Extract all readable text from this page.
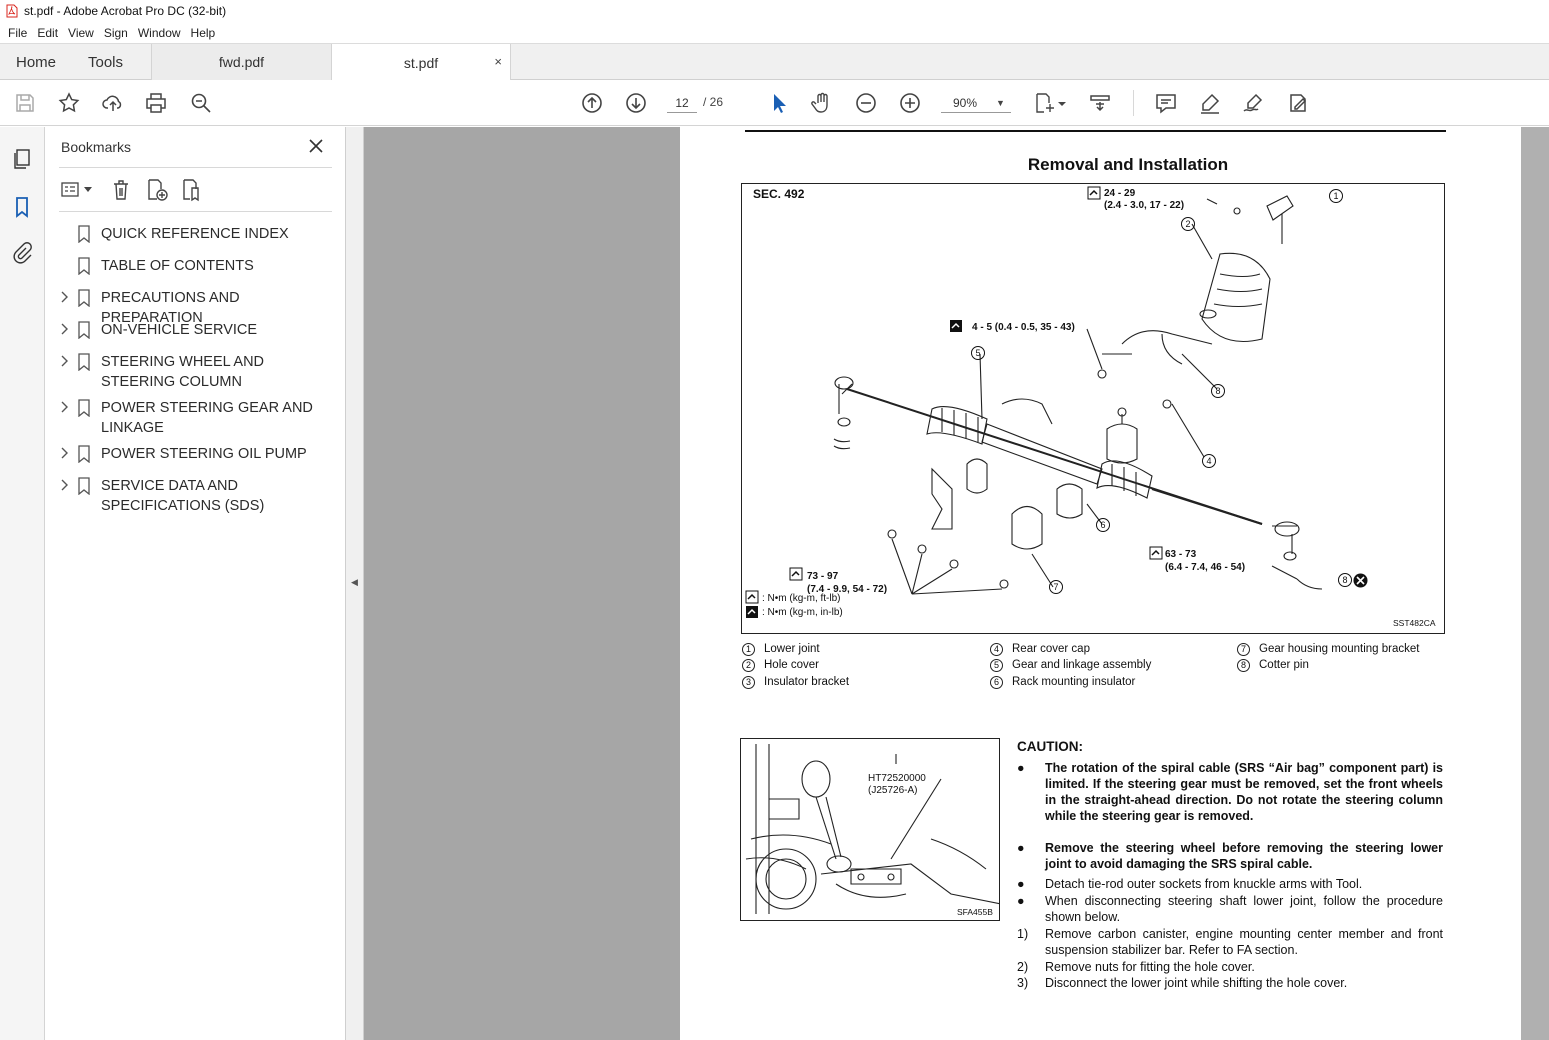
st.pdf - Adobe Acrobat Pro DC (32-bit)
File Edit View Sign Window Help
Home Tools	fwd.pdf	st.pdf	×
12
/ 26
90%	▼
Bookmarks
QUICK REFERENCE INDEX
TABLE OF CONTENTS
PRECAUTIONS AND PREPARATION
ON-VEHICLE SERVICE
STEERING WHEEL AND STEERING COLUMN
POWER STEERING GEAR AND LINKAGE
POWER STEERING OIL PUMP
SERVICE DATA AND SPECIFICATIONS (SDS)
◀
Removal and Installation
SEC. 492	24 - 29
(2.4 - 3.0, 17 - 22)
4 - 5 (0.4 - 0.5, 35 - 43)
63 - 73
(6.4 - 7.4, 46 - 54)
73 - 97
(7.4 - 9.9, 54 - 72)
: N•m (kg-m, ft-lb)
: N•m (kg-m, in-lb)
SST482CA
1
2
4
5
6
7
8
8
1 Lower joint
2 Hole cover
3 Insulator bracket
4 Rear cover cap
5 Gear and linkage assembly
6 Rack mounting insulator
7 Gear housing mounting bracket
8 Cotter pin
HT72520000
(J25726-A)
SFA455B
CAUTION:
●	The rotation of the spiral cable (SRS “Air bag” component part) is limited. If the steering gear must be removed, set the front wheels in the straight-ahead direction. Do not rotate the steering column while the steering gear is removed.
●	Remove the steering wheel before removing the steering lower joint to avoid damaging the SRS spiral cable.
●	Detach tie-rod outer sockets from knuckle arms with Tool.
●	When disconnecting steering shaft lower joint, follow the procedure shown below.
1)	Remove carbon canister, engine mounting center member and front suspension stabilizer bar. Refer to FA section.
2)	Remove nuts for fitting the hole cover.
3)	Disconnect the lower joint while shifting the hole cover.
